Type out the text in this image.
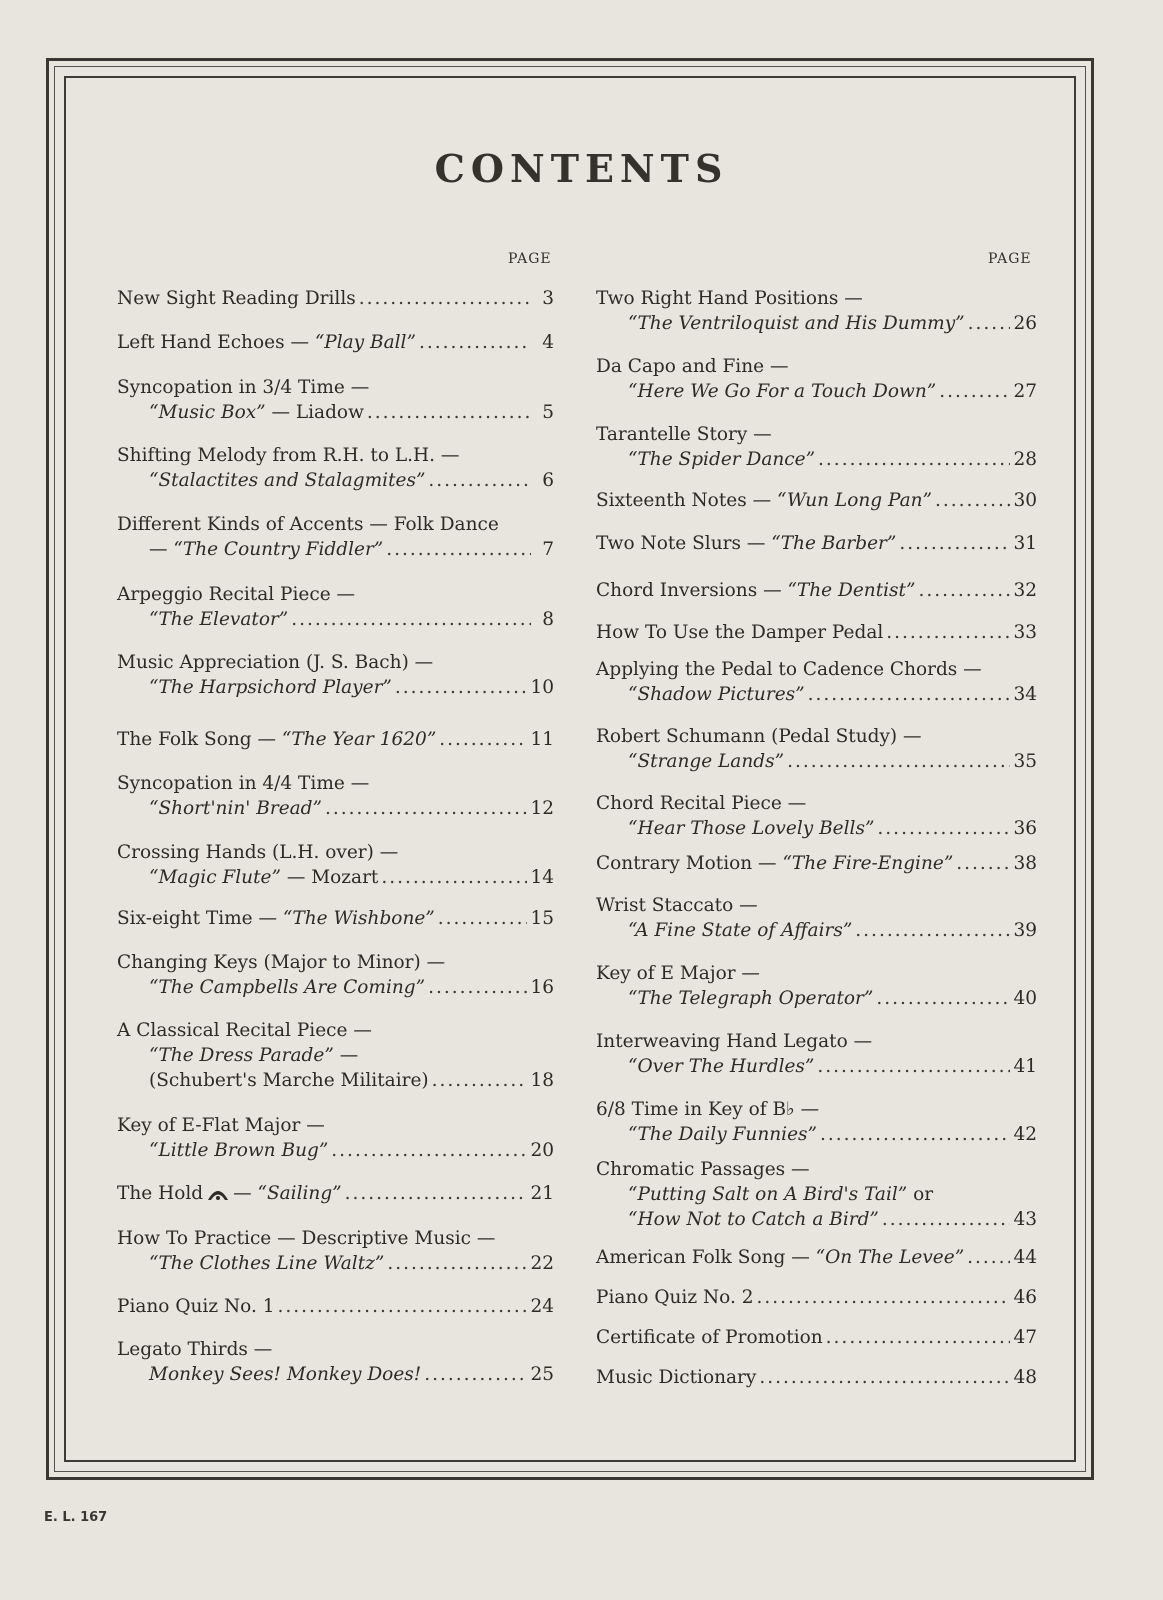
CONTENTS
PAGE	PAGE
New Sight Reading Drills .....	3
Left Hand Echoes — “Play Ball” .....	4
Syncopation in 3/4 Time —
“Music Box” — Liadow .....	5
Shifting Melody from R.H. to L.H. —
“Stalactites and Stalagmites” .....	6
Different Kinds of Accents — Folk Dance
— “The Country Fiddler” .....	7
Arpeggio Recital Piece —
“The Elevator” .....	8
Music Appreciation (J. S. Bach) —
“The Harpsichord Player” .....	10
The Folk Song — “The Year 1620” .....	11
Syncopation in 4/4 Time —
“Short'nin' Bread” .....	12
Crossing Hands (L.H. over) —
“Magic Flute” — Mozart .....	14
Six-eight Time — “The Wishbone” .....	15
Changing Keys (Major to Minor) —
“The Campbells Are Coming” .....	16
A Classical Recital Piece —
“The Dress Parade” —
(Schubert's Marche Militaire) .....	18
Key of E-Flat Major —
“Little Brown Bug” .....	20
The Hold — “Sailing” .....	21
How To Practice — Descriptive Music —
“The Clothes Line Waltz” .....	22
Piano Quiz No. 1 .....	24
Legato Thirds —
Monkey Sees! Monkey Does! .....	25
Two Right Hand Positions —
“The Ventriloquist and His Dummy” .....	26
Da Capo and Fine —
“Here We Go For a Touch Down” .....	27
Tarantelle Story —
“The Spider Dance” .....	28
Sixteenth Notes — “Wun Long Pan” .....	30
Two Note Slurs — “The Barber” .....	31
Chord Inversions — “The Dentist” .....	32
How To Use the Damper Pedal .....	33
Applying the Pedal to Cadence Chords —
“Shadow Pictures” .....	34
Robert Schumann (Pedal Study) —
“Strange Lands” .....	35
Chord Recital Piece —
“Hear Those Lovely Bells” .....	36
Contrary Motion — “The Fire-Engine” .....	38
Wrist Staccato —
“A Fine State of Affairs” .....	39
Key of E Major —
“The Telegraph Operator” .....	40
Interweaving Hand Legato —
“Over The Hurdles” .....	41
6/8 Time in Key of B♭ —
“The Daily Funnies” .....	42
Chromatic Passages —
“Putting Salt on A Bird's Tail” or
“How Not to Catch a Bird” .....	43
American Folk Song — “On The Levee” .....	44
Piano Quiz No. 2 .....	46
Certificate of Promotion .....	47
Music Dictionary .....	48
E. L. 167
